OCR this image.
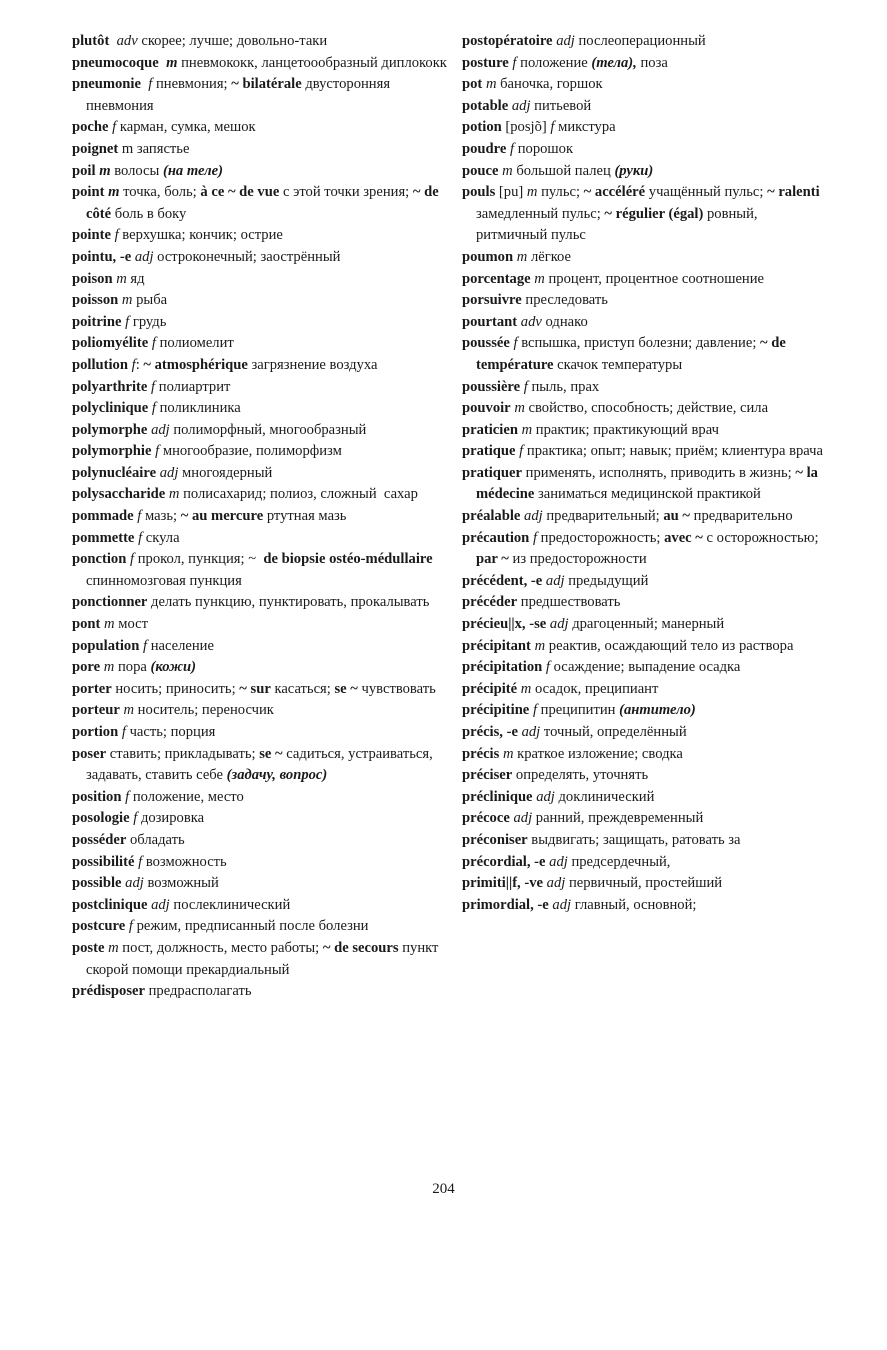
plutôt adv скорее; лучше; довольно-таки

pneumocoque m пневмококк, ланцетоообразный диплококк

pneumonie f пневмония; ~ bilatérale двусторонняя пневмония

poche f карман, сумка, мешок

poignet m запястье

poil m волосы (на теле)

point m точка, боль; à ce ~ de vue с этой точки зрения; ~ de côté боль в боку

pointe f верхушка; кончик; острие

pointu, -e adj остроконечный; заострённый

poison m яд

poisson m рыба

poitrine f грудь

poliomyélite f полиомелит

pollution f: ~ atmosphérique загрязнение воздуха

polyarthrite f полиартрит

polyclinique f поликлиника

polymorphe adj полиморфный, многообразный

polymorphie f многообразие, полиморфизм

polynucléaire adj многоядерный

polysaccharide m полисахарид; полиоз, сложный  сахар

pommade f мазь; ~ au mercure ртутная мазь

pommette f скула

ponction f прокол, пункция; ~  de biopsie ostéo-médullaire спинномозговая пункция

ponctionner делать пункцию, пунктировать, прокалывать

pont m мост

population f население

pore m пора (кожи)

porter носить; приносить; ~ sur касаться; se ~ чувствовать

porteur m носитель; переносчик

portion f часть; порция

poser ставить; прикладывать; se ~ садиться, устраиваться, задавать, ставить себе (задачу, вопрос)

position f положение, место

posologie f дозировка

posséder обладать

possibilité f возможность

possible adj возможный

postclinique adj послеклинический

postcure f режим, предписанный после болезни

poste m пост, должность, место работы; ~ de secours пункт скорой помощи прекардиальный

prédisposer предрасполагать

postopératoire adj послеоперационный

posture f положение (тела), поза

pot m баночка, горшок

potable adj питьевой

potion [posjõ] f микстура

poudre f порошок

pouce m большой палец (руки)

pouls [pu] m пульс; ~ accéléré учащённый пульс; ~ ralenti замедленный пульс; ~ régulier (égal) ровный, ритмичный пульс

poumon m лёгкое

porcentage m процент, процентное соотношение

porsuivre преследовать

pourtant adv однако

poussée f вспышка, приступ болезни; давление; ~ de température скачок температуры

poussière f пыль, прах

pouvoir m свойство, способность; действие, сила

praticien m практик; практикующий врач

pratique f практика; опыт; навык; приём; клиентура врача

pratiquer применять, исполнять, приводить в жизнь; ~ la médecine заниматься медицинской практикой

préalable adj предварительный; au ~ предварительно

précaution f предосторожность; avec ~ с осторожностью; par ~ из предосторожности

précédent, -e adj предыдущий

précéder предшествовать

précieu||x, -se adj драгоценный; манерный

précipitant m реактив, осаждающий тело из раствора

précipitation f осаждение; выпадение осадка

précipité m осадок, преципиант

précipitine f преципитин (антитело)

précis, -e adj точный, определённый

précis m краткое изложение; сводка

préciser определять, уточнять

préclinique adj доклинический

précoce adj ранний, преждевременный

préconiser выдвигать; защищать, ратовать за

précordial, -e adj предсердечный,

primiti||f, -ve adj первичный, простейший

primordial, -e adj главный, основной;

204
